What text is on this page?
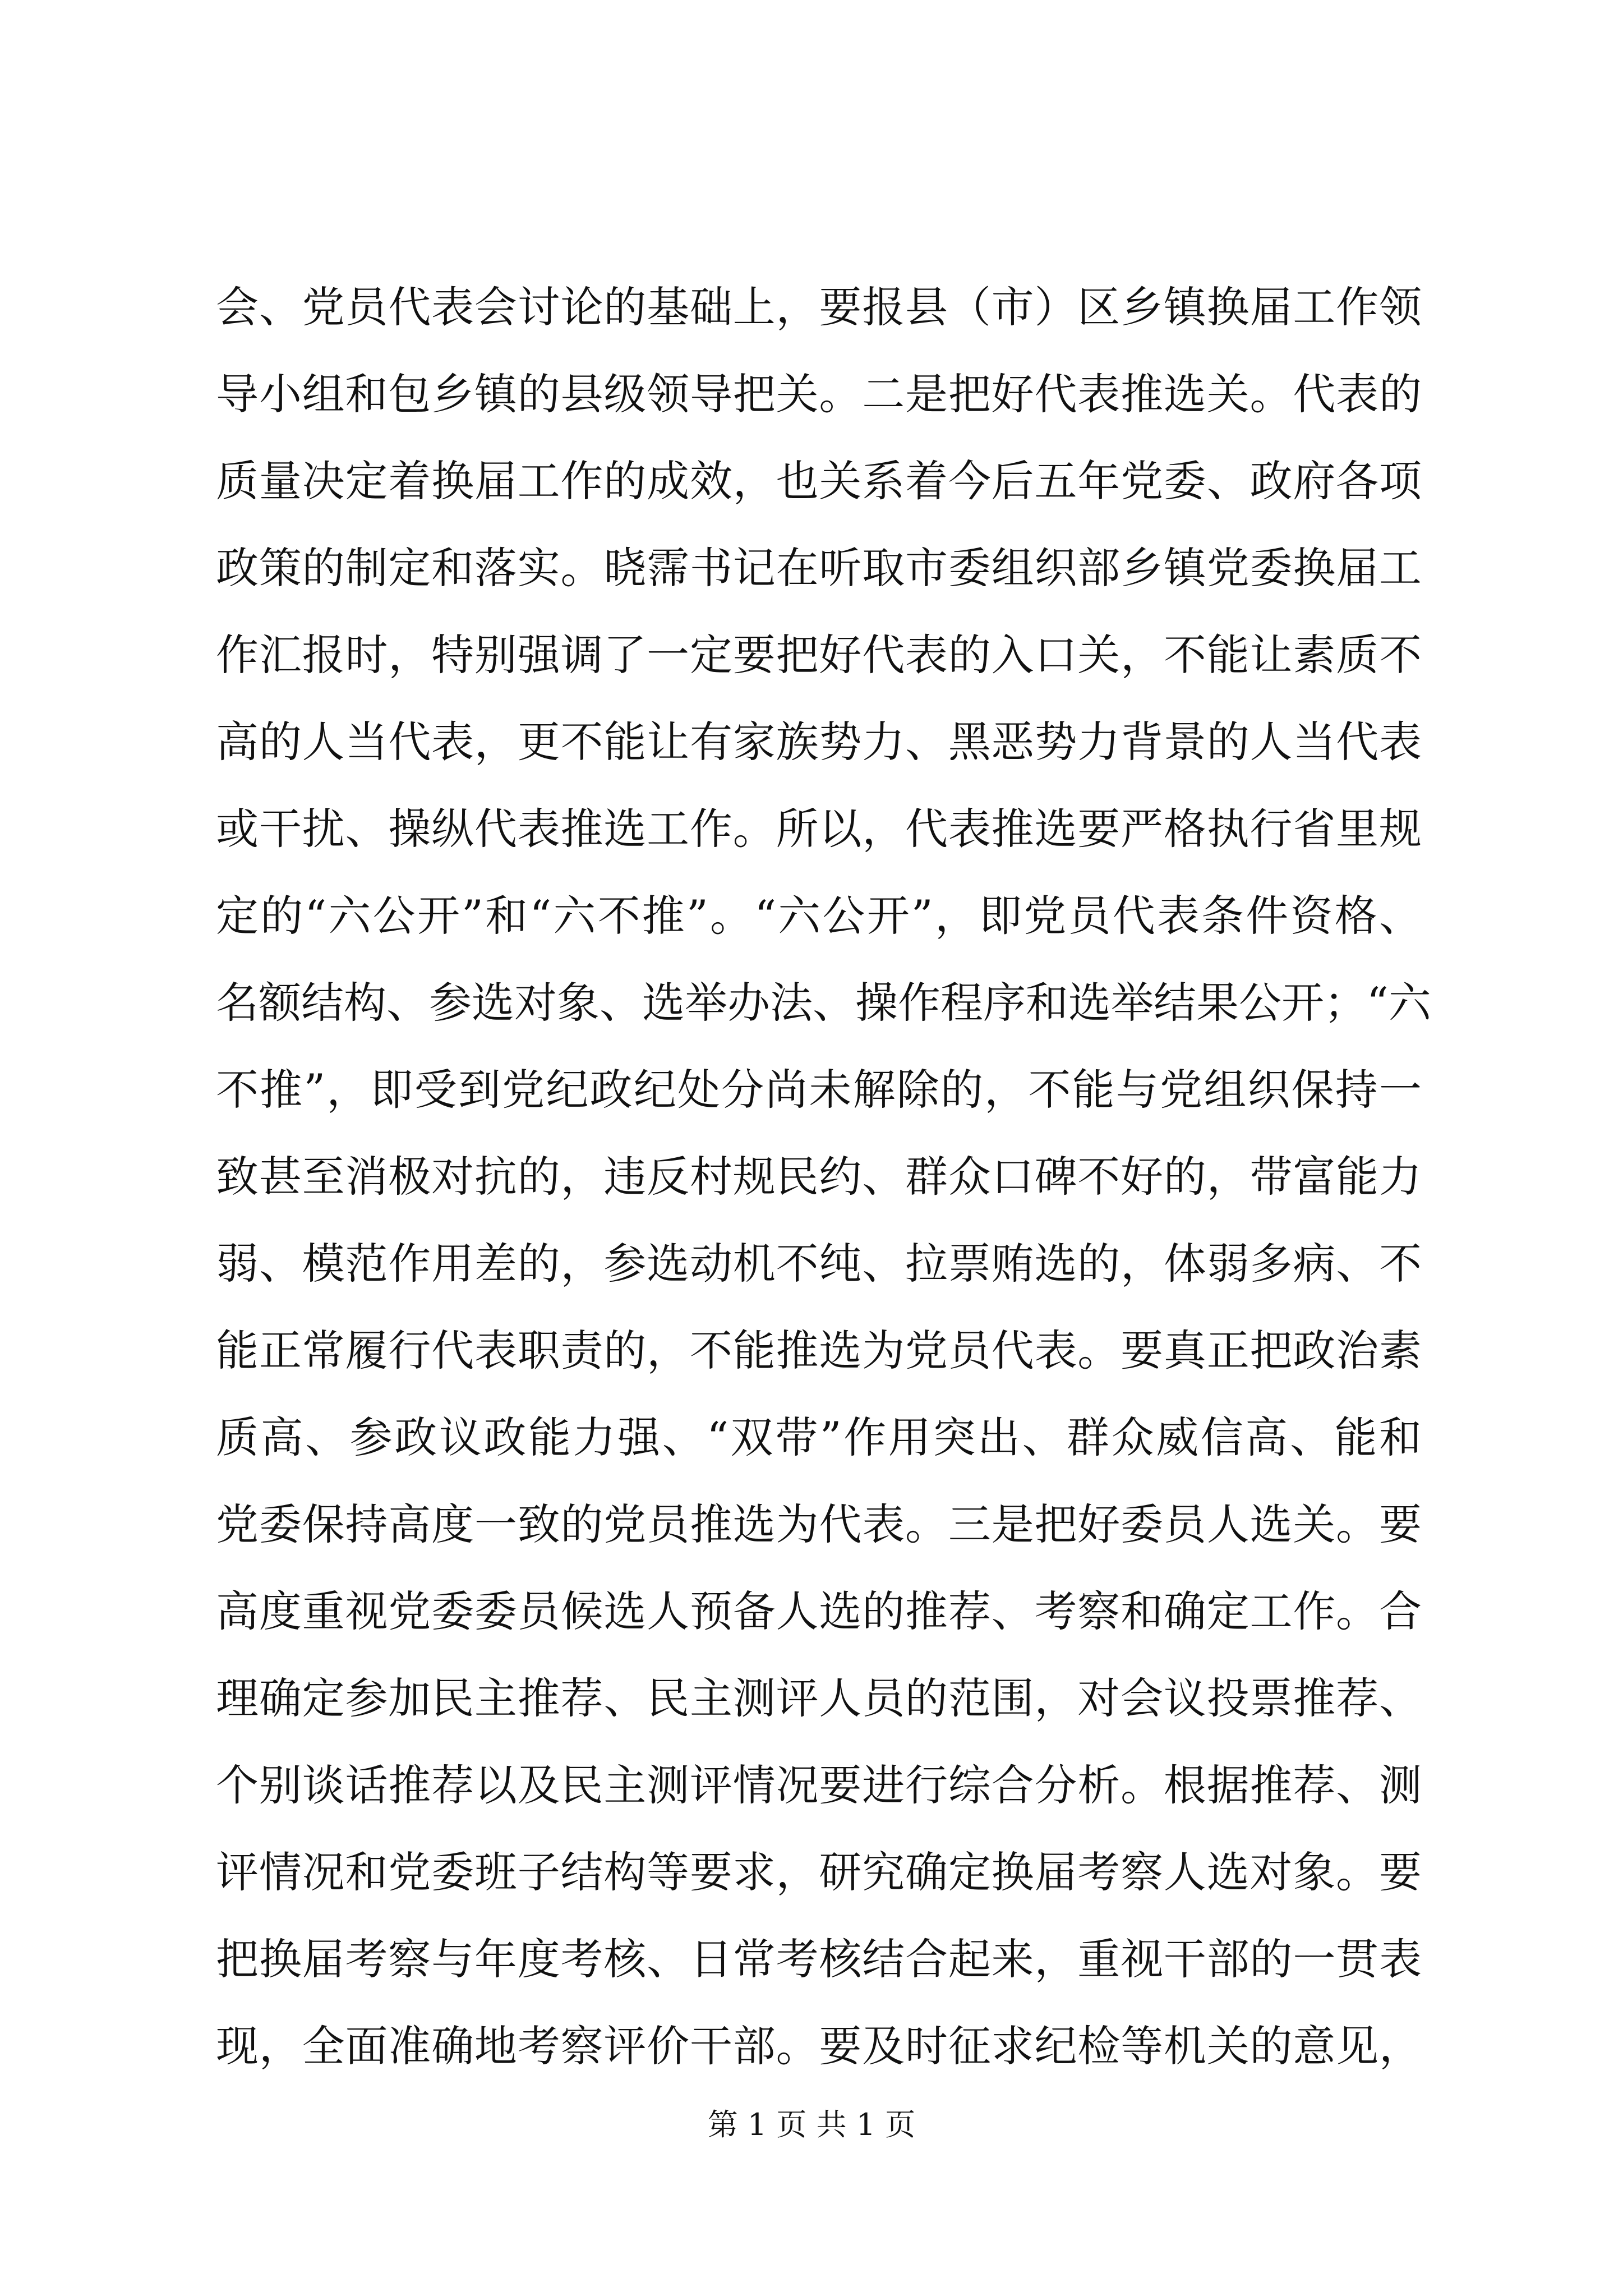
会、党员代表会讨论的基础上，要报县（市）区乡镇换届工作领
导小组和包乡镇的县级领导把关。二是把好代表推选关。代表的
质量决定着换届工作的成效，也关系着今后五年党委、政府各项
政策的制定和落实。晓霈书记在听取市委组织部乡镇党委换届工
作汇报时，特别强调了一定要把好代表的入口关，不能让素质不
高的人当代表，更不能让有家族势力、黑恶势力背景的人当代表
或干扰、操纵代表推选工作。所以，代表推选要严格执行省里规
定的“六公开”和“六不推”。“六公开”，即党员代表条件资格、
名额结构、参选对象、选举办法、操作程序和选举结果公开；“六
不推”，即受到党纪政纪处分尚未解除的，不能与党组织保持一
致甚至消极对抗的，违反村规民约、群众口碑不好的，带富能力
弱、模范作用差的，参选动机不纯、拉票贿选的，体弱多病、不
能正常履行代表职责的，不能推选为党员代表。要真正把政治素
质高、参政议政能力强、“双带”作用突出、群众威信高、能和
党委保持高度一致的党员推选为代表。三是把好委员人选关。要
高度重视党委委员候选人预备人选的推荐、考察和确定工作。合
理确定参加民主推荐、民主测评人员的范围，对会议投票推荐、
个别谈话推荐以及民主测评情况要进行综合分析。根据推荐、测
评情况和党委班子结构等要求，研究确定换届考察人选对象。要
把换届考察与年度考核、日常考核结合起来，重视干部的一贯表
现，全面准确地考察评价干部。要及时征求纪检等机关的意见，
第 1 页 共 1 页
